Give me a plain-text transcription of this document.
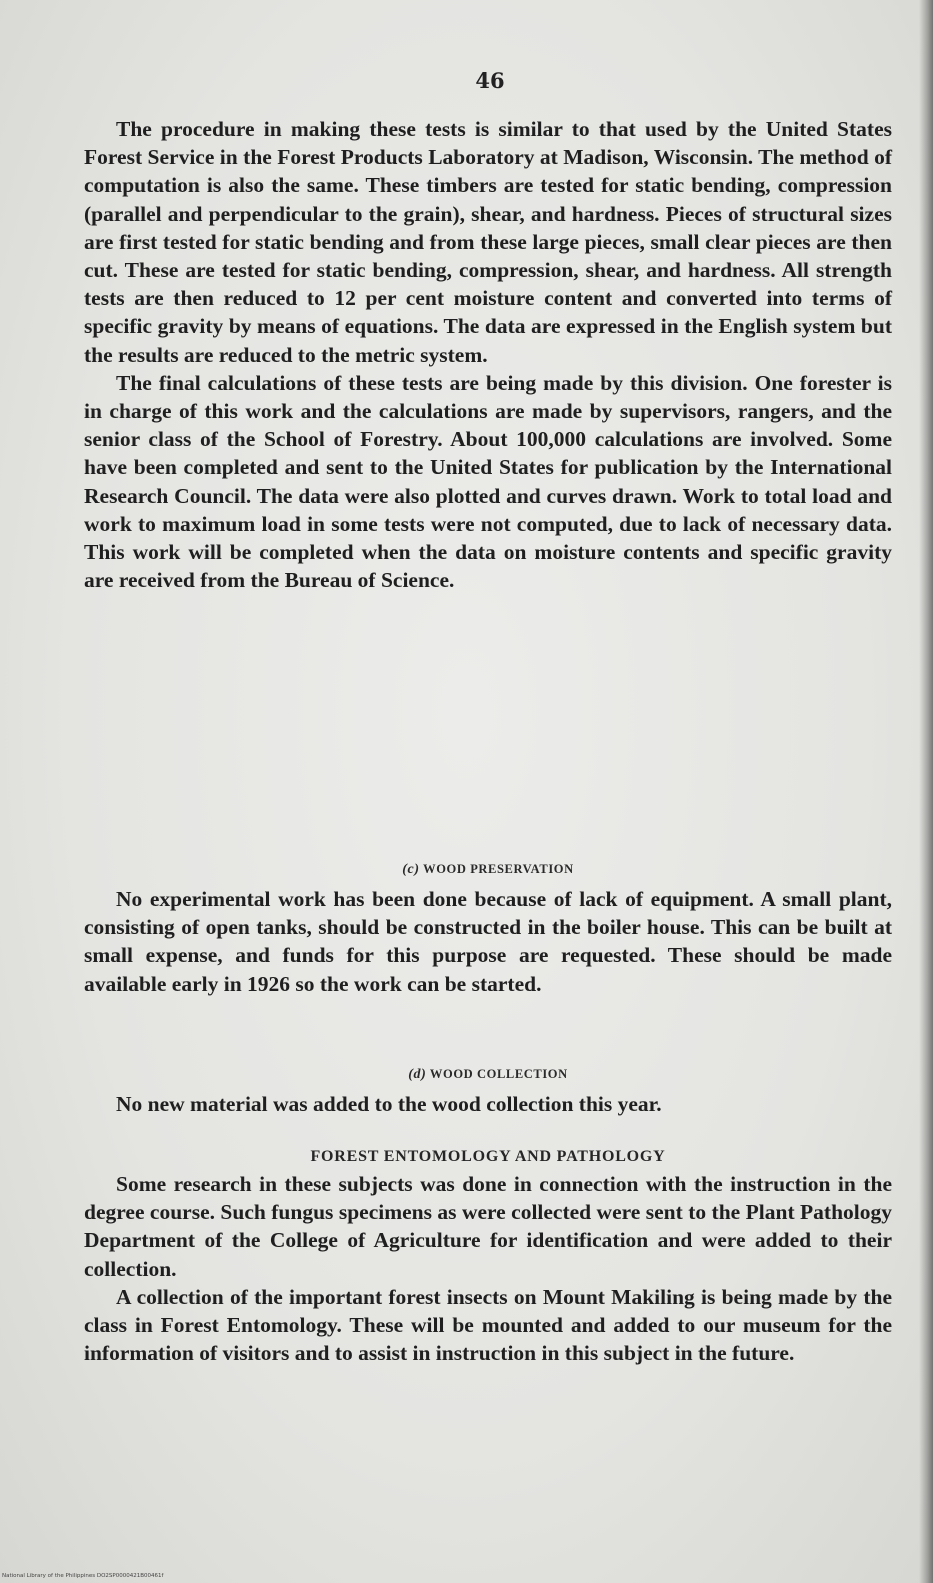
46

The procedure in making these tests is similar to that used by the United States Forest Service in the Forest Products Laboratory at Madison, Wisconsin. The method of computation is also the same. These timbers are tested for static bending, compression (parallel and perpendicular to the grain), shear, and hardness. Pieces of structural sizes are first tested for static bending and from these large pieces, small clear pieces are then cut. These are tested for static bending, compression, shear, and hardness. All strength tests are then reduced to 12 per cent moisture content and converted into terms of specific gravity by means of equations. The data are expressed in the English system but the results are reduced to the metric system.

The final calculations of these tests are being made by this division. One forester is in charge of this work and the calculations are made by supervisors, rangers, and the senior class of the School of Forestry. About 100,000 calculations are involved. Some have been completed and sent to the United States for publication by the International Research Council. The data were also plotted and curves drawn. Work to total load and work to maximum load in some tests were not computed, due to lack of necessary data. This work will be completed when the data on moisture contents and specific gravity are received from the Bureau of Science.

(c) WOOD PRESERVATION

No experimental work has been done because of lack of equipment. A small plant, consisting of open tanks, should be constructed in the boiler house. This can be built at small expense, and funds for this purpose are requested. These should be made available early in 1926 so the work can be started.

(d) WOOD COLLECTION

No new material was added to the wood collection this year.

FOREST ENTOMOLOGY AND PATHOLOGY

Some research in these subjects was done in connection with the instruction in the degree course. Such fungus specimens as were collected were sent to the Plant Pathology Department of the College of Agriculture for identification and were added to their collection.

A collection of the important forest insects on Mount Makiling is being made by the class in Forest Entomology. These will be mounted and added to our museum for the information of visitors and to assist in instruction in this subject in the future.

National Library of the Philippines DO2SP0000421B00461f
